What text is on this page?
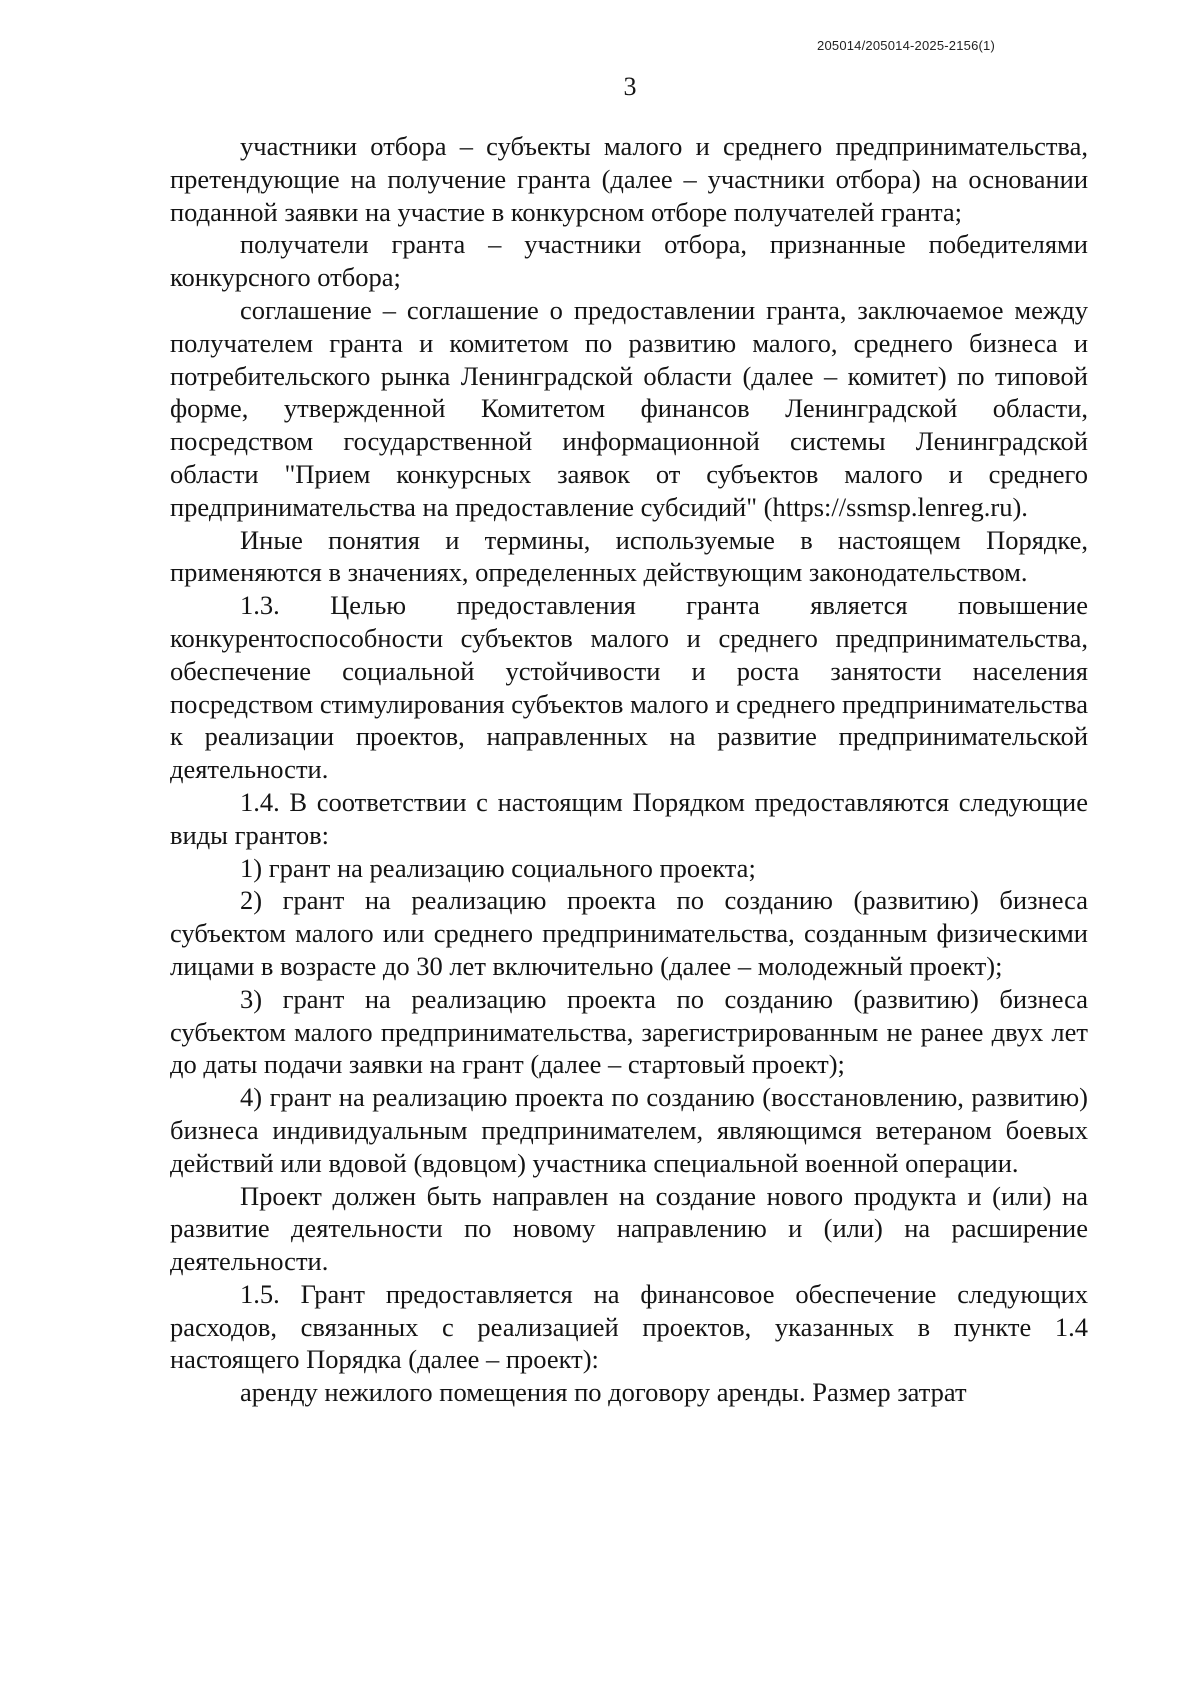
205014/205014-2025-2156(1)
3

участники отбора – субъекты малого и среднего предпринимательства, претендующие на получение гранта (далее – участники отбора) на основании поданной заявки на участие в конкурсном отборе получателей гранта;

получатели гранта – участники отбора, признанные победителями конкурсного отбора;

соглашение – соглашение о предоставлении гранта, заключаемое между получателем гранта и комитетом по развитию малого, среднего бизнеса и потребительского рынка Ленинградской области (далее – комитет) по типовой форме, утвержденной Комитетом финансов Ленинградской области, посредством государственной информационной системы Ленинградской области "Прием конкурсных заявок от субъектов малого и среднего предпринимательства на предоставление субсидий" (https://ssmsp.lenreg.ru).

Иные понятия и термины, используемые в настоящем Порядке, применяются в значениях, определенных действующим законодательством.

1.3. Целью предоставления гранта является повышение конкурентоспособности субъектов малого и среднего предпринимательства, обеспечение социальной устойчивости и роста занятости населения посредством стимулирования субъектов малого и среднего предпринимательства к реализации проектов, направленных на развитие предпринимательской деятельности.

1.4. В соответствии с настоящим Порядком предоставляются следующие виды грантов:

1) грант на реализацию социального проекта;

2) грант на реализацию проекта по созданию (развитию) бизнеса субъектом малого или среднего предпринимательства, созданным физическими лицами в возрасте до 30 лет включительно (далее – молодежный проект);

3) грант на реализацию проекта по созданию (развитию) бизнеса субъектом малого предпринимательства, зарегистрированным не ранее двух лет до даты подачи заявки на грант (далее – стартовый проект);

4) грант на реализацию проекта по созданию (восстановлению, развитию) бизнеса индивидуальным предпринимателем, являющимся ветераном боевых действий или вдовой (вдовцом) участника специальной военной операции.

Проект должен быть направлен на создание нового продукта и (или) на развитие деятельности по новому направлению и (или) на расширение деятельности.

1.5. Грант предоставляется на финансовое обеспечение следующих расходов, связанных с реализацией проектов, указанных в пункте 1.4 настоящего Порядка (далее – проект):

аренду нежилого помещения по договору аренды. Размер затрат
